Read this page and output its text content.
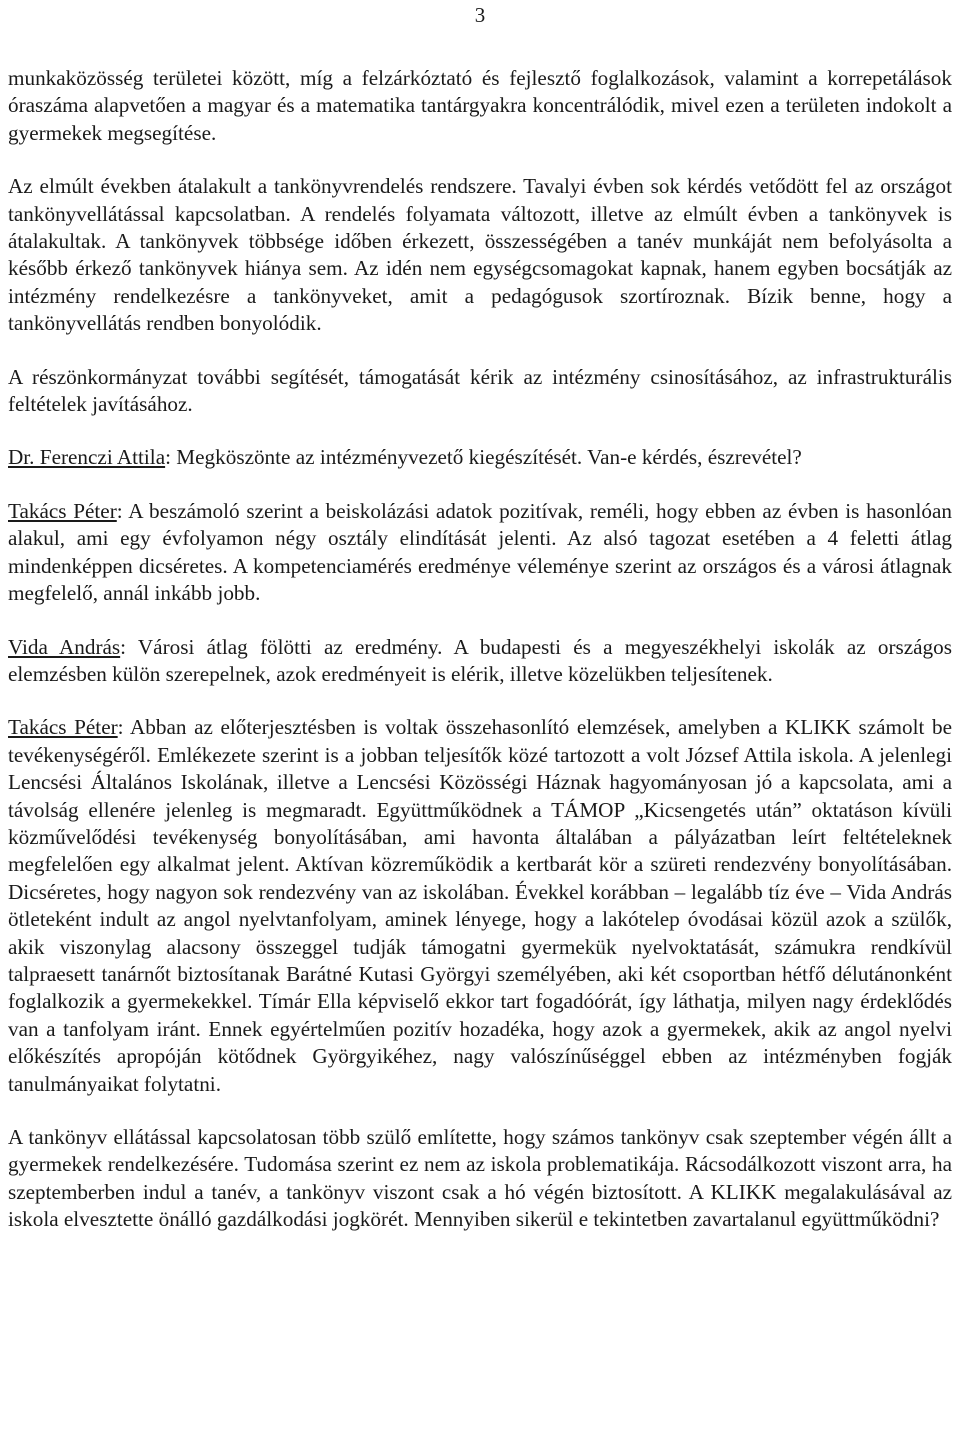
3

munkaközösség területei között, míg a felzárkóztató és fejlesztő foglalkozások, valamint a korrepetálások óraszáma alapvetően a magyar és a matematika tantárgyakra koncentrálódik, mivel ezen a területen indokolt a gyermekek megsegítése.

Az elmúlt években átalakult a tankönyvrendelés rendszere. Tavalyi évben sok kérdés vetődött fel az országot tankönyvellátással kapcsolatban. A rendelés folyamata változott, illetve az elmúlt évben a tankönyvek is átalakultak. A tankönyvek többsége időben érkezett, összességében a tanév munkáját nem befolyásolta a később érkező tankönyvek hiánya sem. Az idén nem egységcsomagokat kapnak, hanem egyben bocsátják az intézmény rendelkezésre a tankönyveket, amit a pedagógusok szortíroznak. Bízik benne, hogy a tankönyvellátás rendben bonyolódik.

A részönkormányzat további segítését, támogatását kérik az intézmény csinosításához, az infrastrukturális feltételek javításához.

Dr. Ferenczi Attila: Megköszönte az intézményvezető kiegészítését. Van-e kérdés, észrevétel?

Takács Péter: A beszámoló szerint a beiskolázási adatok pozitívak, reméli, hogy ebben az évben is hasonlóan alakul, ami egy évfolyamon négy osztály elindítását jelenti. Az alsó tagozat esetében a 4 feletti átlag mindenképpen dicséretes. A kompetenciamérés eredménye véleménye szerint az országos és a városi átlagnak megfelelő, annál inkább jobb.

Vida András: Városi átlag fölötti az eredmény. A budapesti és a megyeszékhelyi iskolák az országos elemzésben külön szerepelnek, azok eredményeit is elérik, illetve közelükben teljesítenek.

Takács Péter: Abban az előterjesztésben is voltak összehasonlító elemzések, amelyben a KLIKK számolt be tevékenységéről. Emlékezete szerint is a jobban teljesítők közé tartozott a volt József Attila iskola. A jelenlegi Lencsési Általános Iskolának, illetve a Lencsési Közösségi Háznak hagyományosan jó a kapcsolata, ami a távolság ellenére jelenleg is megmaradt. Együttműködnek a TÁMOP „Kicsengetés után” oktatáson kívüli közművelődési tevékenység bonyolításában, ami havonta általában a pályázatban leírt feltételeknek megfelelően egy alkalmat jelent. Aktívan közreműködik a kertbarát kör a szüreti rendezvény bonyolításában. Dicséretes, hogy nagyon sok rendezvény van az iskolában. Évekkel korábban – legalább tíz éve – Vida András ötleteként indult az angol nyelvtanfolyam, aminek lényege, hogy a lakótelep óvodásai közül azok a szülők, akik viszonylag alacsony összeggel tudják támogatni gyermekük nyelvoktatását, számukra rendkívül talpraesett tanárnőt biztosítanak Barátné Kutasi Györgyi személyében, aki két csoportban hétfő délutánonként foglalkozik a gyermekekkel. Tímár Ella képviselő ekkor tart fogadóórát, így láthatja, milyen nagy érdeklődés van a tanfolyam iránt. Ennek egyértelműen pozitív hozadéka, hogy azok a gyermekek, akik az angol nyelvi előkészítés apropóján kötődnek Györgyikéhez, nagy valószínűséggel ebben az intézményben fogják tanulmányaikat folytatni.

A tankönyv ellátással kapcsolatosan több szülő említette, hogy számos tankönyv csak szeptember végén állt a gyermekek rendelkezésére. Tudomása szerint ez nem az iskola problematikája. Rácsodálkozott viszont arra, ha szeptemberben indul a tanév, a tankönyv viszont csak a hó végén biztosított. A KLIKK megalakulásával az iskola elvesztette önálló gazdálkodási jogkörét. Mennyiben sikerül e tekintetben zavartalanul együttműködni?
